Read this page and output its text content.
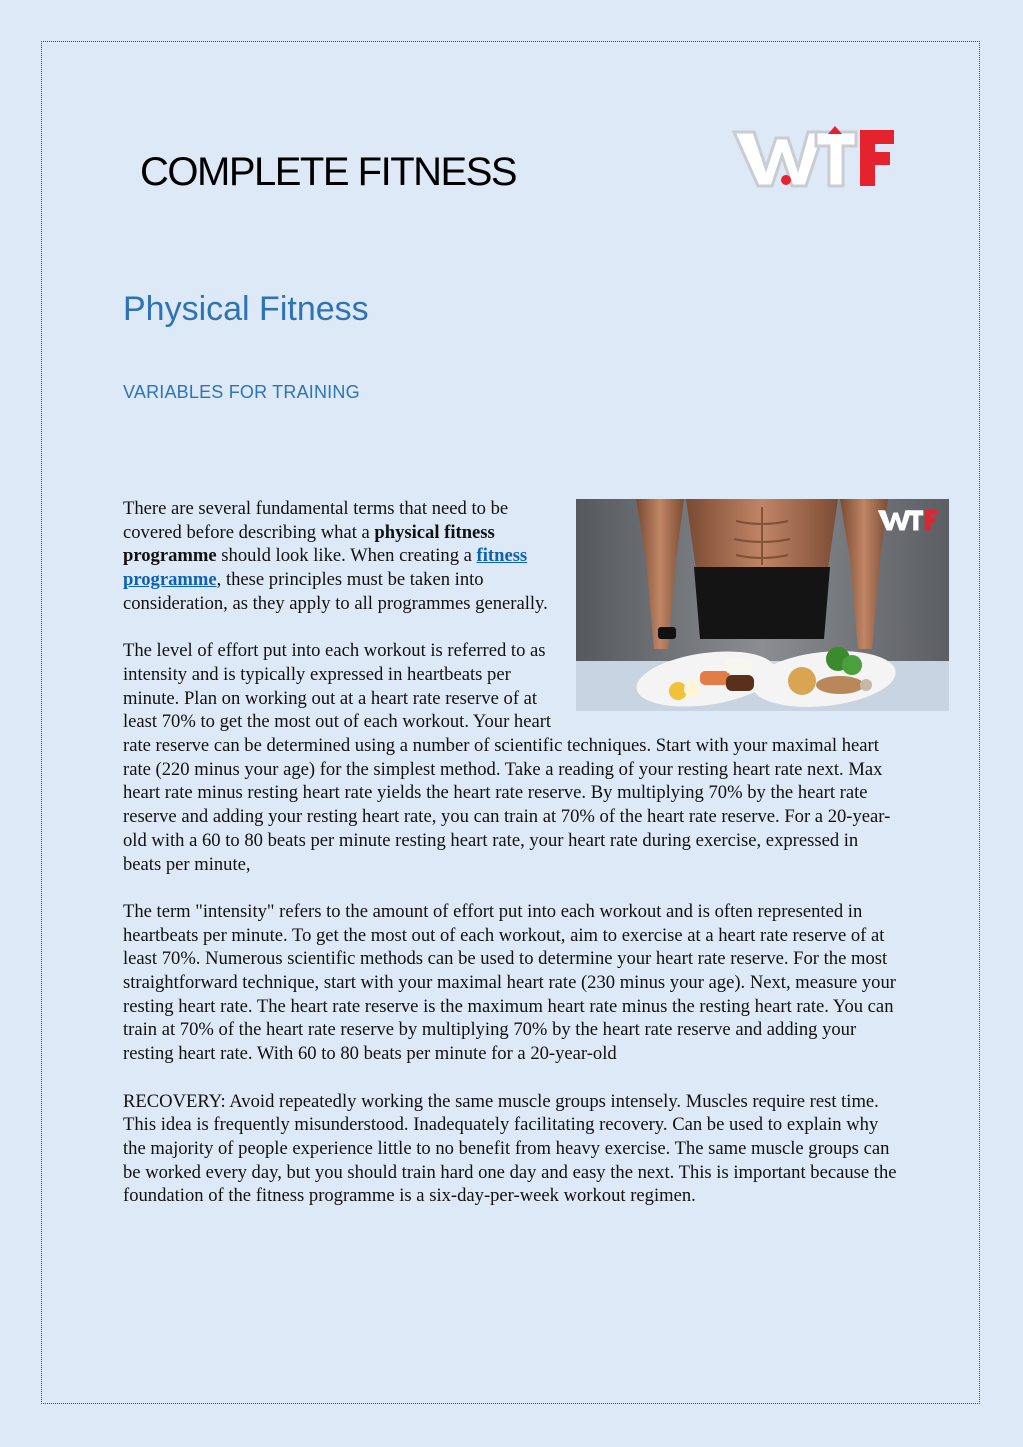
COMPLETE FITNESS
Physical Fitness
VARIABLES FOR TRAINING

There are several fundamental terms that need to be covered before describing what a physical fitness programme should look like. When creating a fitness programme, these principles must be taken into consideration, as they apply to all programmes generally.

The level of effort put into each workout is referred to as intensity and is typically expressed in heartbeats per minute. Plan on working out at a heart rate reserve of at least 70% to get the most out of each workout. Your heart rate reserve can be determined using a number of scientific techniques. Start with your maximal heart rate (220 minus your age) for the simplest method. Take a reading of your resting heart rate next. Max heart rate minus resting heart rate yields the heart rate reserve. By multiplying 70% by the heart rate reserve and adding your resting heart rate, you can train at 70% of the heart rate reserve. For a 20-year-old with a 60 to 80 beats per minute resting heart rate, your heart rate during exercise, expressed in beats per minute,

The term "intensity" refers to the amount of effort put into each workout and is often represented in heartbeats per minute. To get the most out of each workout, aim to exercise at a heart rate reserve of at least 70%. Numerous scientific methods can be used to determine your heart rate reserve. For the most straightforward technique, start with your maximal heart rate (230 minus your age). Next, measure your resting heart rate. The heart rate reserve is the maximum heart rate minus the resting heart rate. You can train at 70% of the heart rate reserve by multiplying 70% by the heart rate reserve and adding your resting heart rate. With 60 to 80 beats per minute for a 20-year-old

RECOVERY: Avoid repeatedly working the same muscle groups intensely. Muscles require rest time. This idea is frequently misunderstood. Inadequately facilitating recovery. Can be used to explain why the majority of people experience little to no benefit from heavy exercise. The same muscle groups can be worked every day, but you should train hard one day and easy the next. This is important because the foundation of the fitness programme is a six-day-per-week workout regimen.
